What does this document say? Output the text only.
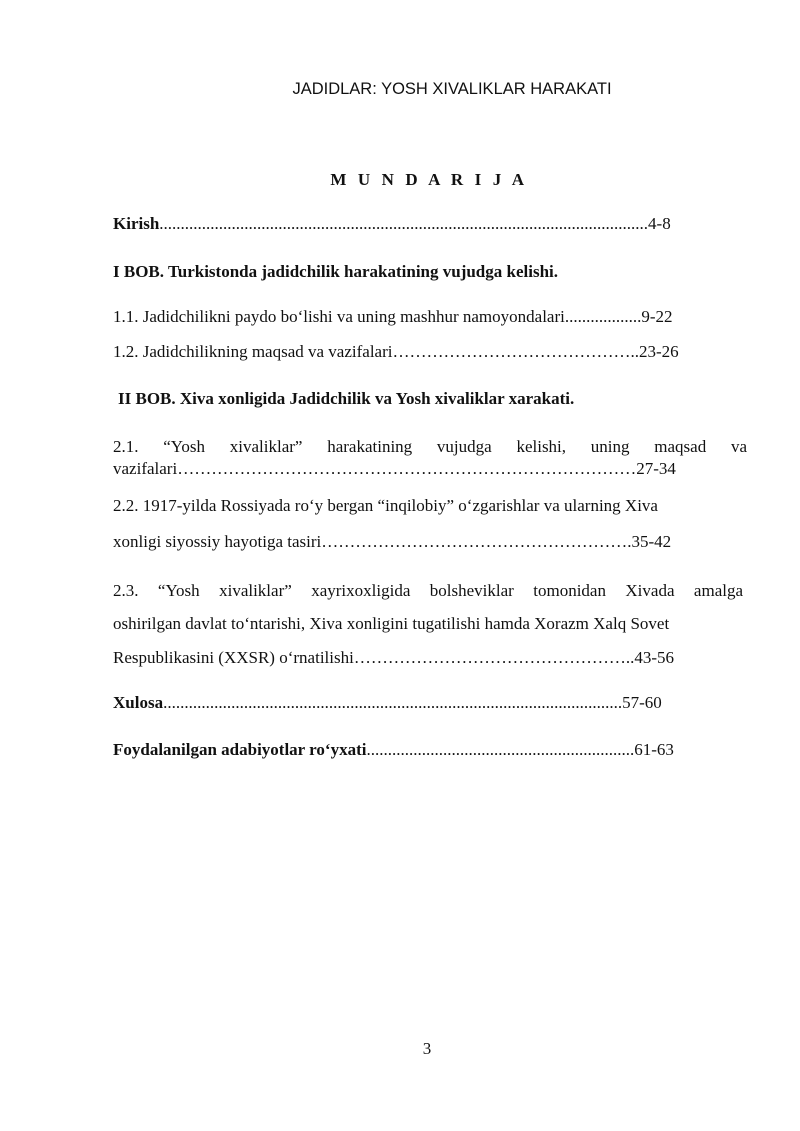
JADIDLAR: YOSH XIVALIKLAR HARAKATI
M U N D A R I J A
Kirish...................................................................................................................4-8
I BOB. Turkistonda jadidchilik harakatining vujudga kelishi.
1.1. Jadidchilikni paydo bo‘lishi va uning mashhur namoyondalari..................9-22
1.2. Jadidchilikning maqsad va vazifalari……………………………………..23-26
II BOB. Xiva xonligida Jadidchilik va Yosh xivaliklar xarakati.
2.1. “Yosh xivaliklar” harakatining vujudga kelishi, uning maqsad va
vazifalari………………………………………………………………………27-34
2.2. 1917-yilda Rossiyada ro‘y bergan “inqilobiy” o‘zgarishlar va ularning Xiva
xonligi siyossiy hayotiga tasiri……………………………………………….35-42
2.3. “Yosh xivaliklar” xayrixoxligida bolsheviklar tomonidan Xivada amalga
oshirilgan davlat to‘ntarishi, Xiva xonligini tugatilishi hamda Xorazm Xalq Sovet
Respublikasini (XXSR) o‘rnatilishi…………………………………………..43-56
Xulosa............................................................................................................57-60
Foydalanilgan adabiyotlar ro‘yxati...............................................................61-63
3
